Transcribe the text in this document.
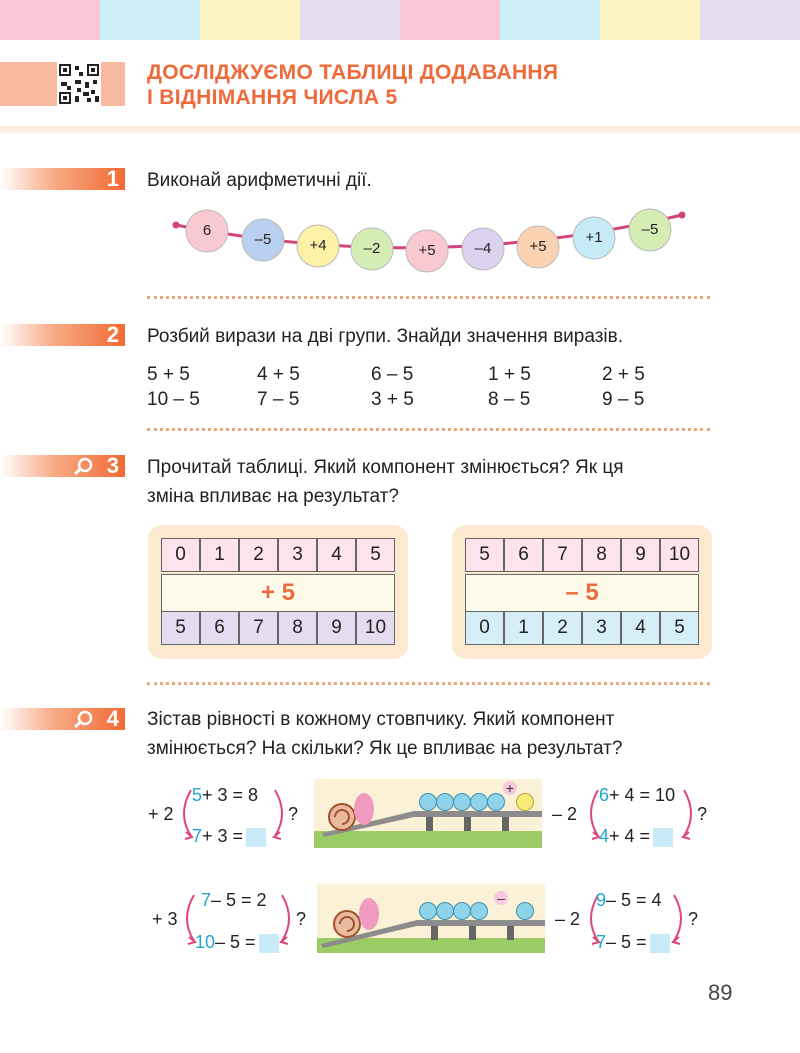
ДОСЛІДЖУЄМО ТАБЛИЦІ ДОДАВАННЯ
І ВІДНІМАННЯ ЧИСЛА 5
1 Виконай арифметичні дії.
6
–5	+4	–2	+5	–4	+5
+1	–5
2 Розбий вирази на дві групи. Знайди значення виразів.
5 + 5	4 + 5	6 – 5	1 + 5	2 + 5
10 – 5	7 – 5	3 + 5	8 – 5	9 – 5
3 Прочитай таблиці. Який компонент змінюється? Як ця
зміна впливає на результат?
0	1	2	3	4	5
+ 5
5	6	7	8	9	10
5	6	7	8	9	10
– 5
0	1	2	3	4	5
4 Зістав рівності в кожному стовпчику. Який компонент
змінюється? На скільки? Як це впливає на результат?
+ 2
5+ 3 = 8
7+ 3 =
?
+
– 2
6+ 4 = 10
4+ 4 =
?
+ 3
7– 5 = 2
10– 5 =
?
–
– 2
9– 5 = 4
7– 5 =
?
89
